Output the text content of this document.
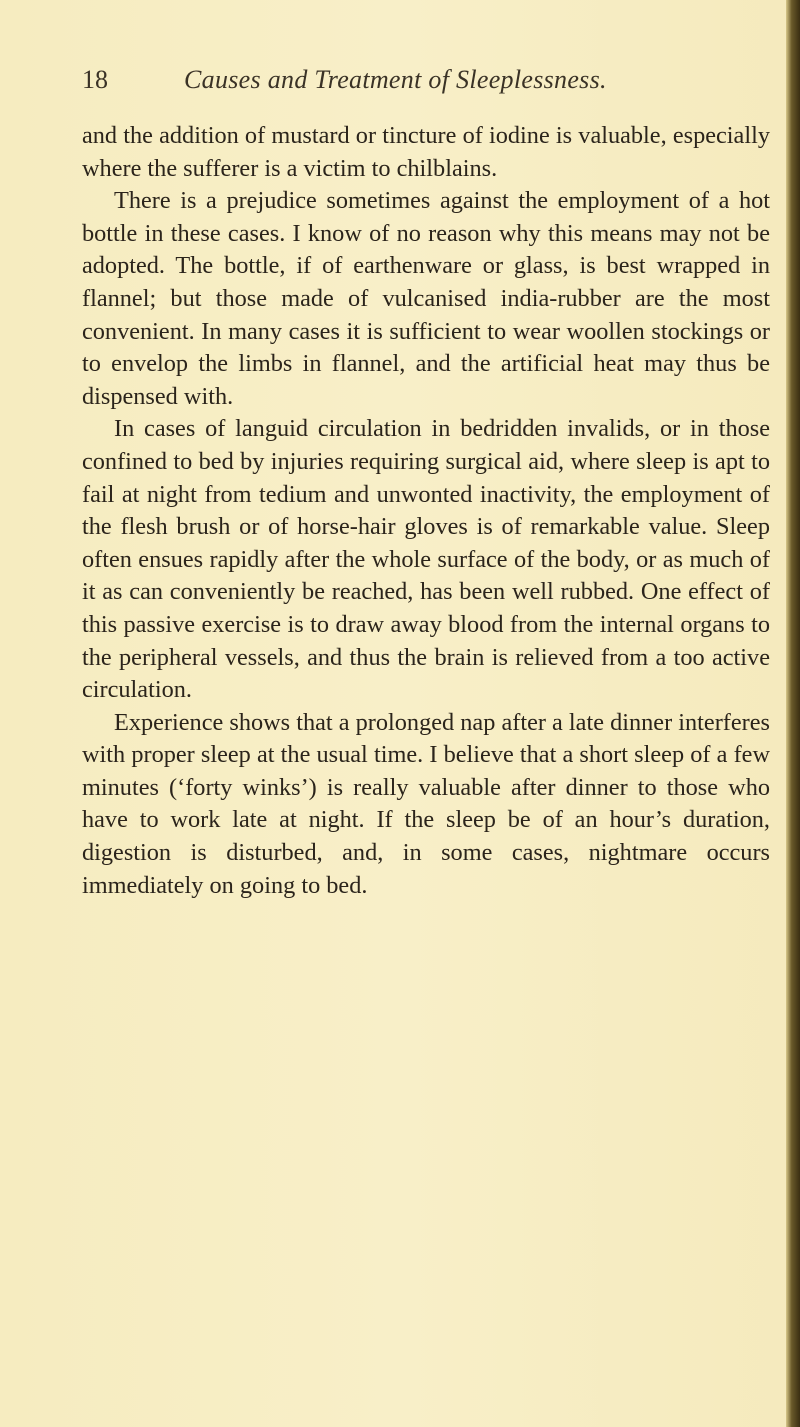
18	Causes and Treatment of Sleeplessness.

and the addition of mustard or tincture of iodine is valuable, especially where the sufferer is a victim to chilblains.

There is a prejudice sometimes against the employment of a hot bottle in these cases. I know of no reason why this means may not be adopted. The bottle, if of earthenware or glass, is best wrapped in flannel; but those made of vulcanised india-rubber are the most convenient. In many cases it is sufficient to wear woollen stockings or to envelop the limbs in flannel, and the artificial heat may thus be dispensed with.

In cases of languid circulation in bedridden invalids, or in those confined to bed by injuries requiring surgical aid, where sleep is apt to fail at night from tedium and unwonted inactivity, the employment of the flesh brush or of horse-hair gloves is of remarkable value. Sleep often ensues rapidly after the whole surface of the body, or as much of it as can conveniently be reached, has been well rubbed. One effect of this passive exercise is to draw away blood from the internal organs to the peripheral vessels, and thus the brain is relieved from a too active circulation.

Experience shows that a prolonged nap after a late dinner interferes with proper sleep at the usual time. I believe that a short sleep of a few minutes (‘forty winks’) is really valuable after dinner to those who have to work late at night. If the sleep be of an hour’s duration, digestion is disturbed, and, in some cases, nightmare occurs immediately on going to bed.
